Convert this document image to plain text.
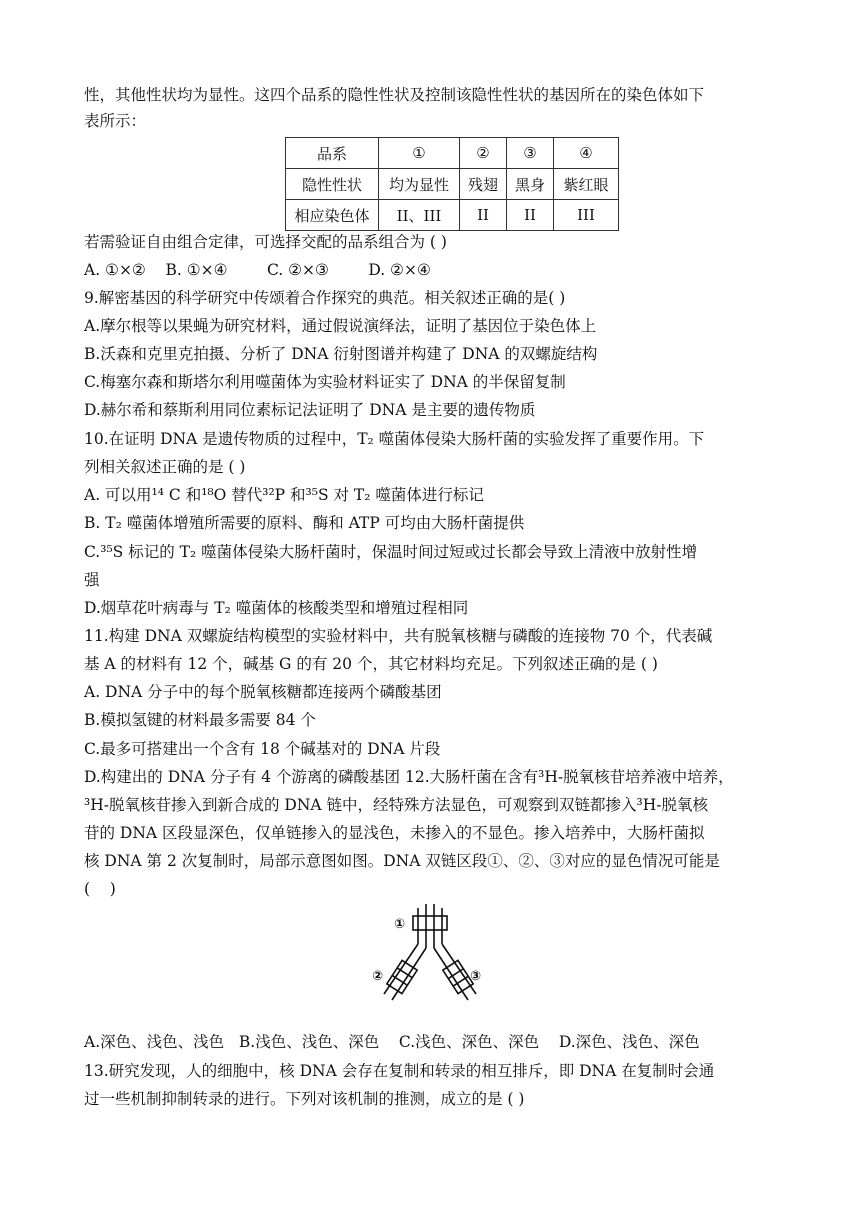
性，其他性状均为显性。这四个品系的隐性性状及控制该隐性性状的基因所在的染色体如下
表所示：
品系	①	②	③	④
隐性性状	均为显性	残翅	黑身	紫红眼
相应染色体	II、III	II	II	III
若需验证自由组合定律，可选择交配的品系组合为 ( )
A. ①×②    B. ①×④        C. ②×③        D. ②×④
9.解密基因的科学研究中传颂着合作探究的典范。相关叙述正确的是( )
A.摩尔根等以果蝇为研究材料，通过假说演绎法，证明了基因位于染色体上
B.沃森和克里克拍摄、分析了 DNA 衍射图谱并构建了 DNA 的双螺旋结构
C.梅塞尔森和斯塔尔利用噬菌体为实验材料证实了 DNA 的半保留复制
D.赫尔希和蔡斯利用同位素标记法证明了 DNA 是主要的遗传物质
10.在证明 DNA 是遗传物质的过程中，T₂ 噬菌体侵染大肠杆菌的实验发挥了重要作用。下
列相关叙述正确的是 ( )
A. 可以用¹⁴ C 和¹⁸O 替代³²P 和³⁵S 对 T₂ 噬菌体进行标记
B. T₂ 噬菌体增殖所需要的原料、酶和 ATP 可均由大肠杆菌提供
C.³⁵S 标记的 T₂ 噬菌体侵染大肠杆菌时，保温时间过短或过长都会导致上清液中放射性增
强
D.烟草花叶病毒与 T₂ 噬菌体的核酸类型和增殖过程相同
11.构建 DNA 双螺旋结构模型的实验材料中，共有脱氧核糖与磷酸的连接物 70 个，代表碱
基 A 的材料有 12 个，碱基 G 的有 20 个，其它材料均充足。下列叙述正确的是 ( )
A. DNA 分子中的每个脱氧核糖都连接两个磷酸基团
B.模拟氢键的材料最多需要 84 个
C.最多可搭建出一个含有 18 个碱基对的 DNA 片段
D.构建出的 DNA 分子有 4 个游离的磷酸基团 12.大肠杆菌在含有³H-脱氧核苷培养液中培养，
³H-脱氧核苷掺入到新合成的 DNA 链中，经特殊方法显色，可观察到双链都掺入³H-脱氧核
苷的 DNA 区段显深色，仅单链掺入的显浅色，未掺入的不显色。掺入培养中，大肠杆菌拟
核 DNA 第 2 次复制时，局部示意图如图。DNA 双链区段①、②、③对应的显色情况可能是
(    )
①
②	③
A.深色、浅色、浅色   B.浅色、浅色、深色    C.浅色、深色、深色    D.深色、浅色、深色
13.研究发现，人的细胞中，核 DNA 会存在复制和转录的相互排斥，即 DNA 在复制时会通
过一些机制抑制转录的进行。下列对该机制的推测，成立的是 ( )
